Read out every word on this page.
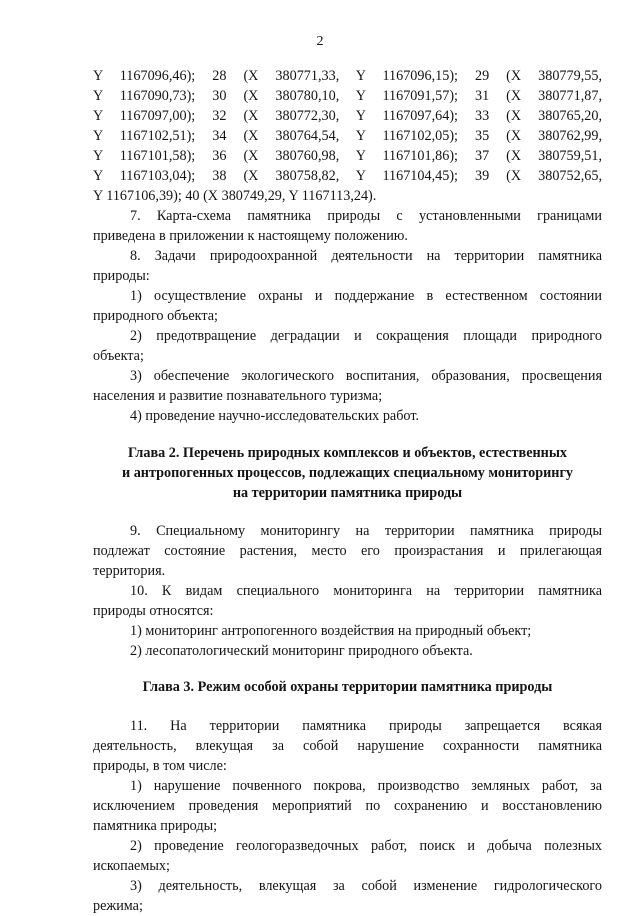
2
Y 1167096,46); 28 (X 380771,33, Y 1167096,15); 29 (X 380779,55,
Y 1167090,73); 30 (X 380780,10, Y 1167091,57); 31 (X 380771,87,
Y 1167097,00); 32 (X 380772,30, Y 1167097,64); 33 (X 380765,20,
Y 1167102,51); 34 (X 380764,54, Y 1167102,05); 35 (X 380762,99,
Y 1167101,58); 36 (X 380760,98, Y 1167101,86); 37 (X 380759,51,
Y 1167103,04); 38 (X 380758,82, Y 1167104,45); 39 (X 380752,65,
Y 1167106,39); 40 (X 380749,29, Y 1167113,24).
7. Карта-схема памятника природы с установленными границами
приведена в приложении к настоящему положению.
8. Задачи природоохранной деятельности на территории памятника
природы:
1) осуществление охраны и поддержание в естественном состоянии
природного объекта;
2) предотвращение деградации и сокращения площади природного
объекта;
3) обеспечение экологического воспитания, образования, просвещения
населения и развитие познавательного туризма;
4) проведение научно-исследовательских работ.
Глава 2. Перечень природных комплексов и объектов, естественных
и антропогенных процессов, подлежащих специальному мониторингу
на территории памятника природы
9. Специальному мониторингу на территории памятника природы
подлежат состояние растения, место его произрастания и прилегающая
территория.
10. К видам специального мониторинга на территории памятника
природы относятся:
1) мониторинг антропогенного воздействия на природный объект;
2) лесопатологический мониторинг природного объекта.
Глава 3. Режим особой охраны территории памятника природы
11. На территории памятника природы запрещается всякая
деятельность, влекущая за собой нарушение сохранности памятника
природы, в том числе:
1) нарушение почвенного покрова, производство земляных работ, за
исключением проведения мероприятий по сохранению и восстановлению
памятника природы;
2) проведение геологоразведочных работ, поиск и добыча полезных
ископаемых;
3) деятельность, влекущая за собой изменение гидрологического
режима;
